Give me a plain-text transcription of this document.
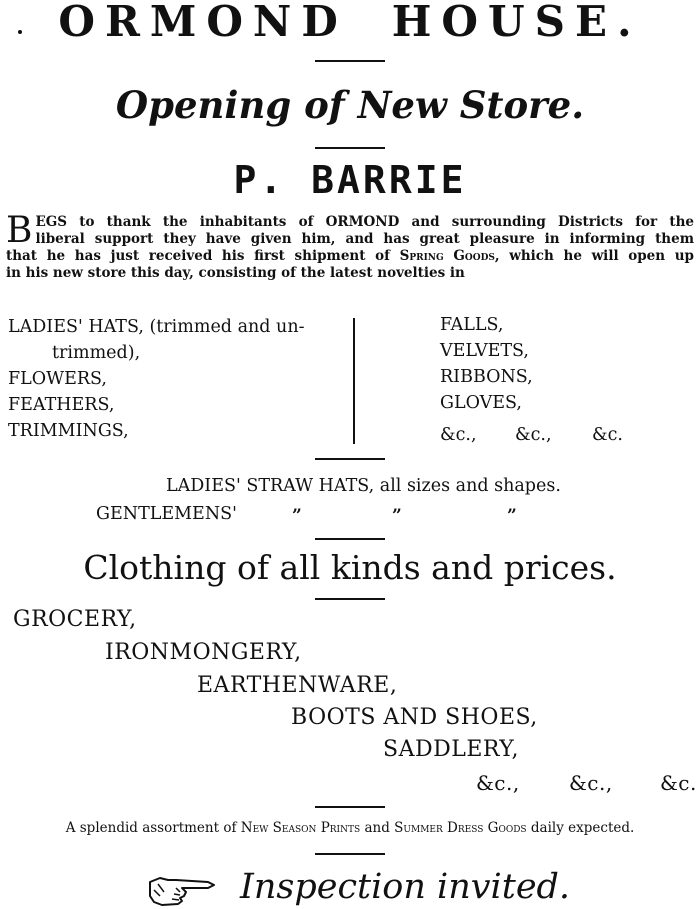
ORMOND HOUSE.
Opening of New Store.
P. BARRIE
B EGS to thank the inhabitants of ORMOND and surrounding Districts for the

liberal support they have given him, and has great pleasure in informing them

that he has just received his first shipment of Spring Goods, which he will open up

in his new store this day, consisting of the latest novelties in

LADIES' HATS, (trimmed and un-
trimmed),
FLOWERS,
FEATHERS,
TRIMMINGS,
FALLS,
VELVETS,
RIBBONS,
GLOVES,
&c., &c., &c.
LADIES' STRAW HATS, all sizes and shapes.
GENTLEMENS'	”	”	”
Clothing of all kinds and prices.
GROCERY,
IRONMONGERY,
EARTHENWARE,
BOOTS AND SHOES,
SADDLERY,
&c., &c., &c.
A splendid assortment of New Season Prints and Summer Dress Goods daily expected.
Inspection invited.
